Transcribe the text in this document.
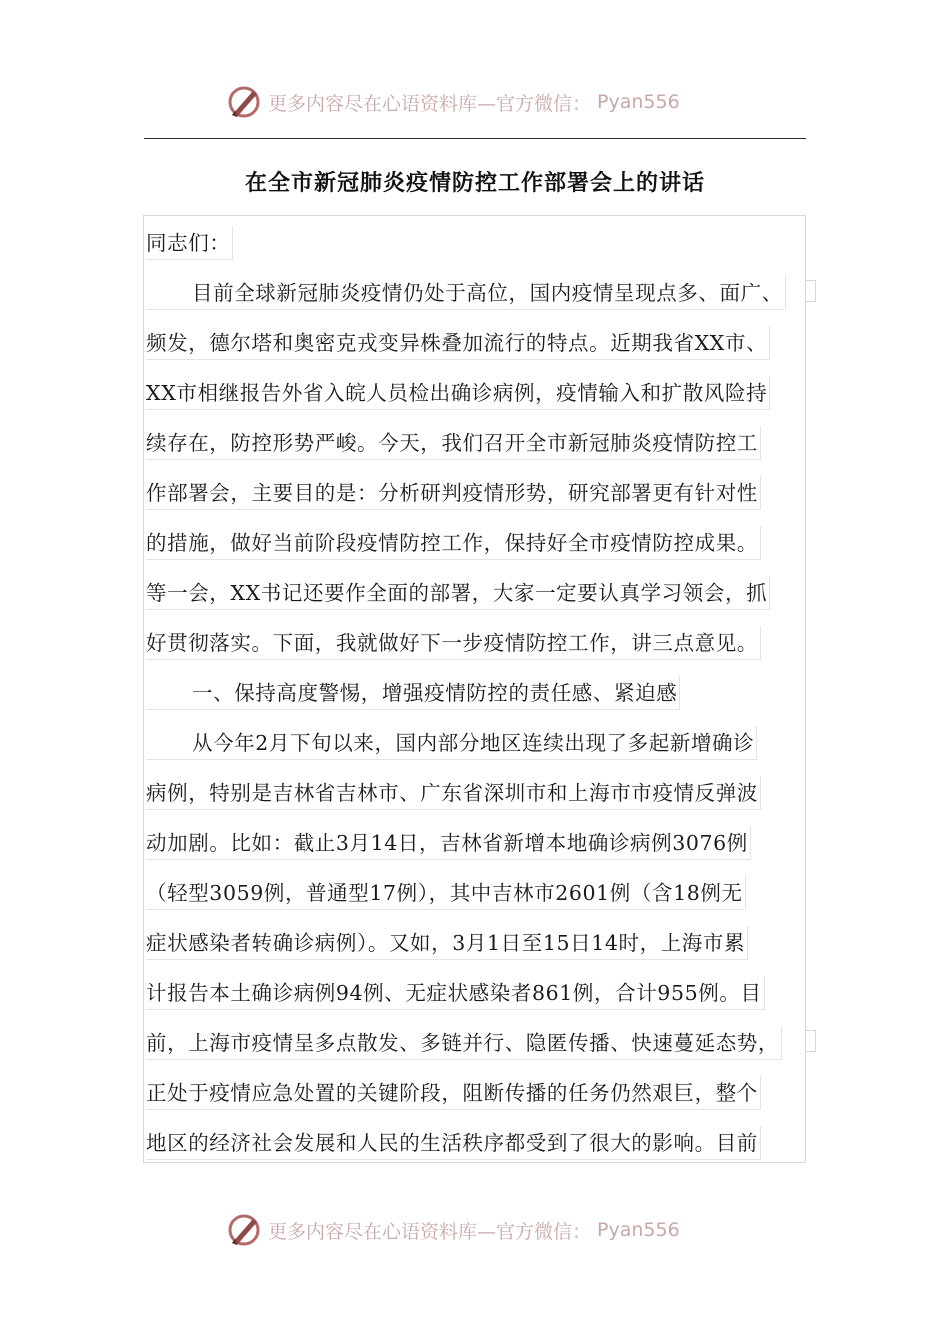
更多内容尽在心语资料库—官方微信： Pyan556
在全市新冠肺炎疫情防控工作部署会上的讲话
同志们：
目前全球新冠肺炎疫情仍处于高位，国内疫情呈现点多、面广、
频发，德尔塔和奥密克戎变异株叠加流行的特点。近期我省XX市、
XX市相继报告外省入皖人员检出确诊病例，疫情输入和扩散风险持
续存在，防控形势严峻。今天，我们召开全市新冠肺炎疫情防控工
作部署会，主要目的是：分析研判疫情形势，研究部署更有针对性
的措施，做好当前阶段疫情防控工作，保持好全市疫情防控成果。
等一会，XX书记还要作全面的部署，大家一定要认真学习领会，抓
好贯彻落实。下面，我就做好下一步疫情防控工作，讲三点意见。
一、保持高度警惕，增强疫情防控的责任感、紧迫感
从今年2月下旬以来，国内部分地区连续出现了多起新增确诊
病例，特别是吉林省吉林市、广东省深圳市和上海市市疫情反弹波
动加剧。比如：截止3月14日，吉林省新增本地确诊病例3076例
（轻型3059例，普通型17例），其中吉林市2601例（含18例无
症状感染者转确诊病例）。又如，3月1日至15日14时，上海市累
计报告本土确诊病例94例、无症状感染者861例，合计955例。目
前，上海市疫情呈多点散发、多链并行、隐匿传播、快速蔓延态势，
正处于疫情应急处置的关键阶段，阻断传播的任务仍然艰巨，整个
地区的经济社会发展和人民的生活秩序都受到了很大的影响。目前
更多内容尽在心语资料库—官方微信： Pyan556
